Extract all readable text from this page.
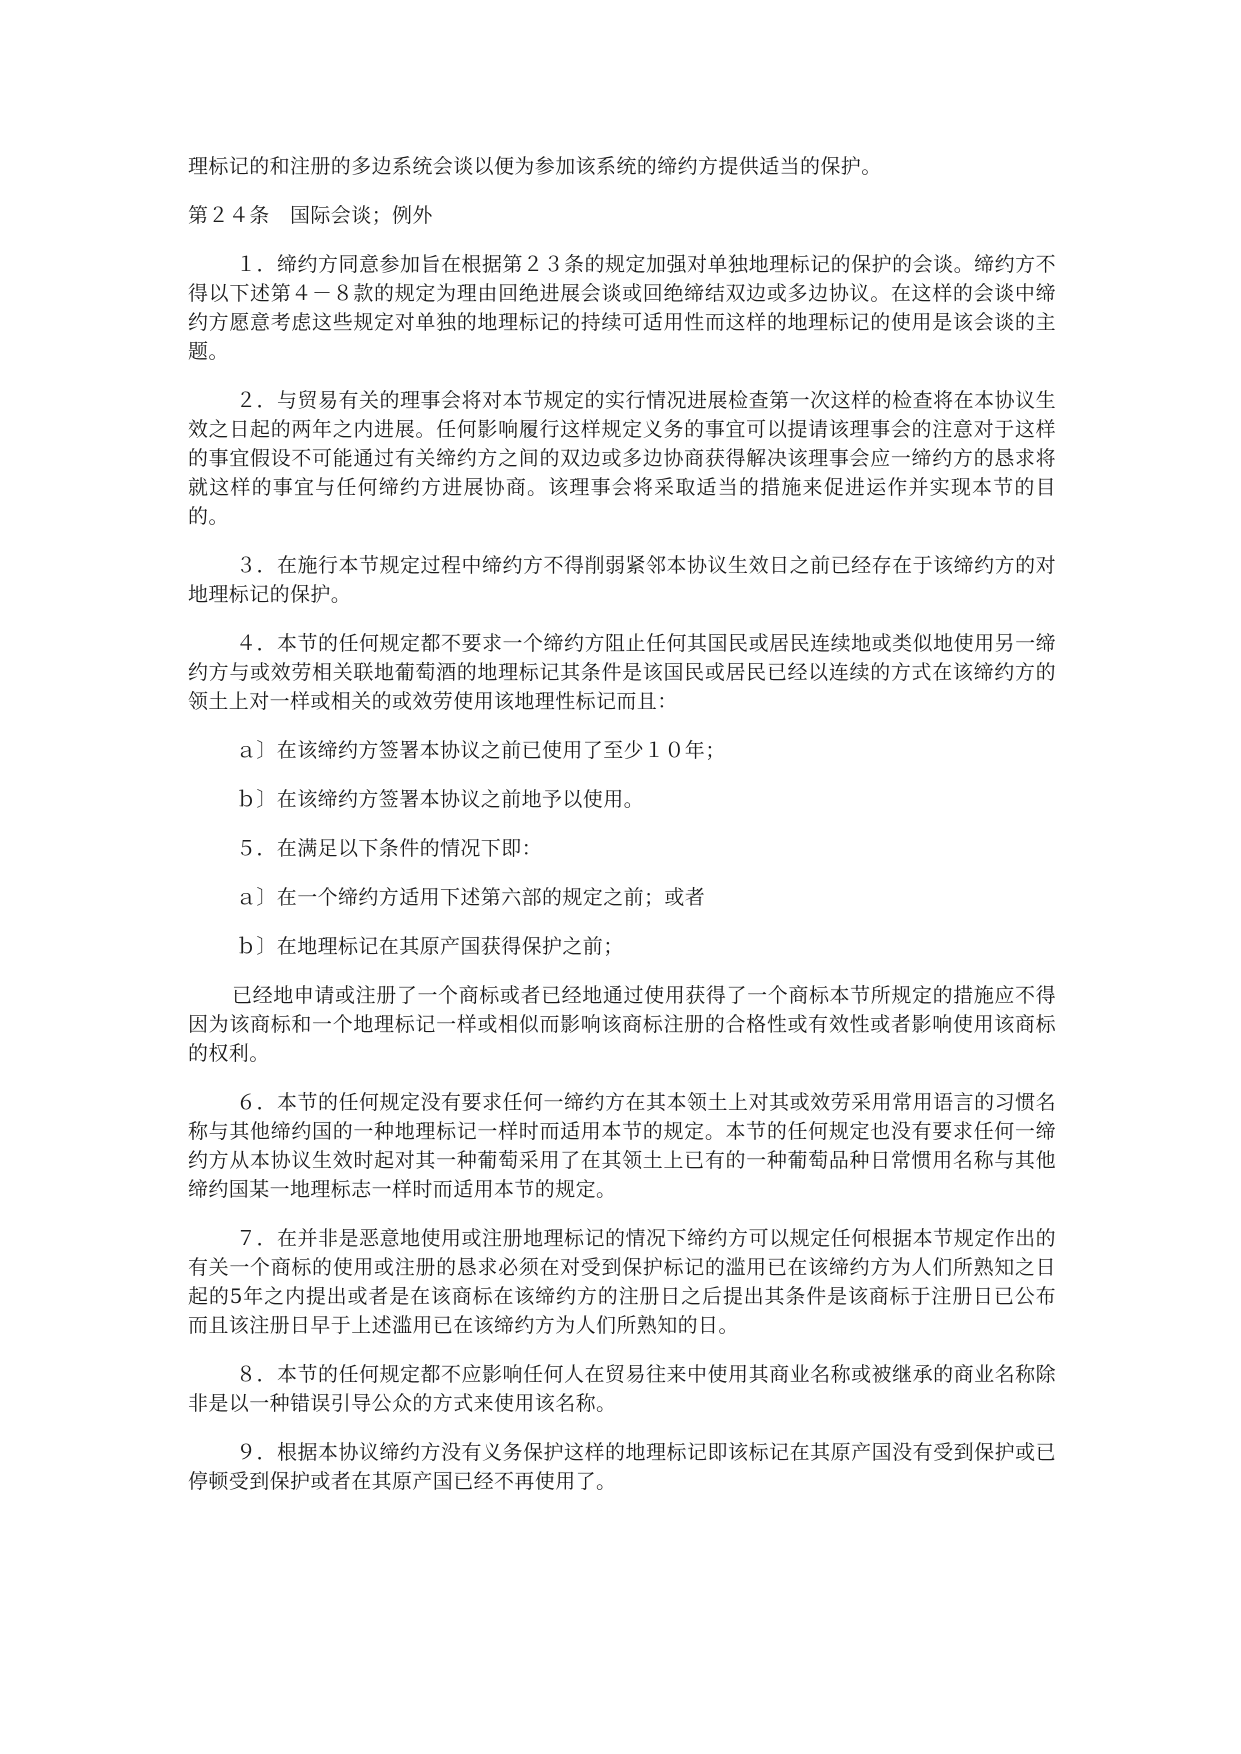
理标记的和注册的多边系统会谈以便为参加该系统的缔约方提供适当的保护。

第２４条　国际会谈；例外

１．缔约方同意参加旨在根据第２３条的规定加强对单独地理标记的保护的会谈。缔约方不得以下述第４－８款的规定为理由回绝进展会谈或回绝缔结双边或多边协议。在这样的会谈中缔约方愿意考虑这些规定对单独的地理标记的持续可适用性而这样的地理标记的使用是该会谈的主题。

２．与贸易有关的理事会将对本节规定的实行情况进展检查第一次这样的检查将在本协议生效之日起的两年之内进展。任何影响履行这样规定义务的事宜可以提请该理事会的注意对于这样的事宜假设不可能通过有关缔约方之间的双边或多边协商获得解决该理事会应一缔约方的恳求将就这样的事宜与任何缔约方进展协商。该理事会将采取适当的措施来促进运作并实现本节的目的。

３．在施行本节规定过程中缔约方不得削弱紧邻本协议生效日之前已经存在于该缔约方的对地理标记的保护。

４．本节的任何规定都不要求一个缔约方阻止任何其国民或居民连续地或类似地使用另一缔约方与或效劳相关联地葡萄酒的地理标记其条件是该国民或居民已经以连续的方式在该缔约方的领土上对一样或相关的或效劳使用该地理性标记而且：

ａ〕在该缔约方签署本协议之前已使用了至少１０年；

ｂ〕在该缔约方签署本协议之前地予以使用。

５．在满足以下条件的情况下即：

ａ〕在一个缔约方适用下述第六部的规定之前；或者

ｂ〕在地理标记在其原产国获得保护之前；

已经地申请或注册了一个商标或者已经地通过使用获得了一个商标本节所规定的措施应不得因为该商标和一个地理标记一样或相似而影响该商标注册的合格性或有效性或者影响使用该商标的权利。

６．本节的任何规定没有要求任何一缔约方在其本领土上对其或效劳采用常用语言的习惯名称与其他缔约国的一种地理标记一样时而适用本节的规定。本节的任何规定也没有要求任何一缔约方从本协议生效时起对其一种葡萄采用了在其领土上已有的一种葡萄品种日常惯用名称与其他缔约国某一地理标志一样时而适用本节的规定。

７．在并非是恶意地使用或注册地理标记的情况下缔约方可以规定任何根据本节规定作出的有关一个商标的使用或注册的恳求必须在对受到保护标记的滥用已在该缔约方为人们所熟知之日起的5年之内提出或者是在该商标在该缔约方的注册日之后提出其条件是该商标于注册日已公布而且该注册日早于上述滥用已在该缔约方为人们所熟知的日。

８．本节的任何规定都不应影响任何人在贸易往来中使用其商业名称或被继承的商业名称除非是以一种错误引导公众的方式来使用该名称。

９．根据本协议缔约方没有义务保护这样的地理标记即该标记在其原产国没有受到保护或已停顿受到保护或者在其原产国已经不再使用了。
